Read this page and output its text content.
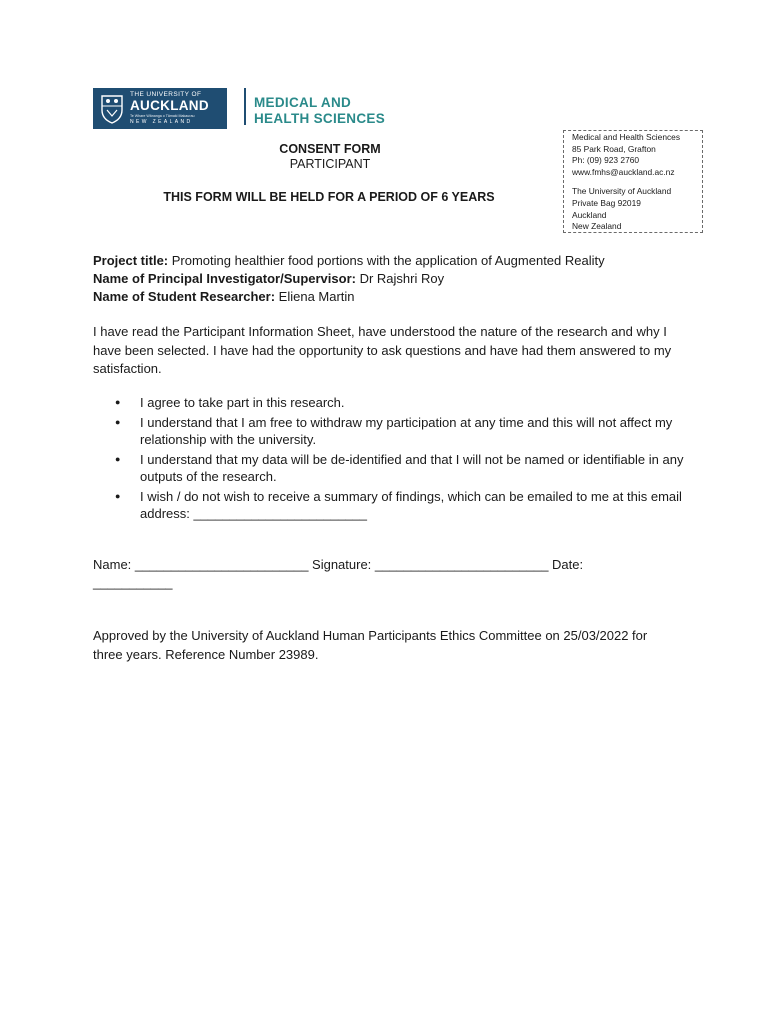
THE UNIVERSITY OF
AUCKLAND
Te Whare Wānanga o Tāmaki Makaurau
NEW ZEALAND
MEDICAL AND
HEALTH SCIENCES
Medical and Health Sciences
85 Park Road, Grafton
Ph: (09) 923 2760
www.fmhs@auckland.ac.nz
The University of Auckland
Private Bag 92019
Auckland
New Zealand
CONSENT FORM
PARTICIPANT
THIS FORM WILL BE HELD FOR A PERIOD OF 6 YEARS
Project title: Promoting healthier food portions with the application of Augmented Reality
Name of Principal Investigator/Supervisor: Dr Rajshri Roy
Name of Student Researcher: Eliena Martin
I have read the Participant Information Sheet, have understood the nature of the research and why I have been selected. I have had the opportunity to ask questions and have had them answered to my satisfaction.
● I agree to take part in this research.
● I understand that I am free to withdraw my participation at any time and this will not affect my relationship with the university.
● I understand that my data will be de-identified and that I will not be named or identifiable in any outputs of the research.
● I wish / do not wish to receive a summary of findings, which can be emailed to me at this email address: ________________________
Name: ________________________ Signature: ________________________ Date:
___________
Approved by the University of Auckland Human Participants Ethics Committee on 25/03/2022 for three years. Reference Number 23989.
